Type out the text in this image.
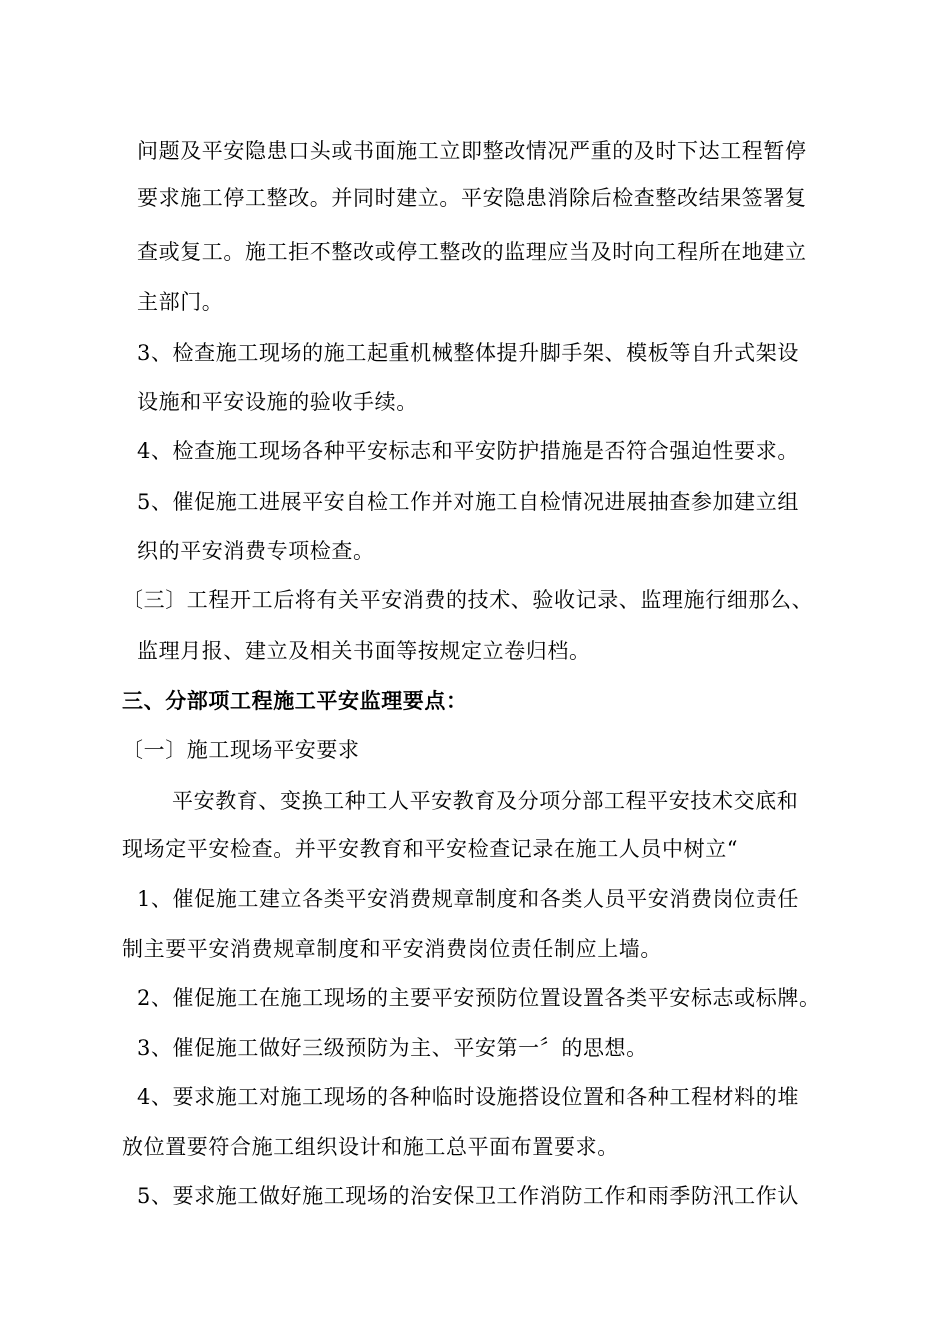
问题及平安隐患口头或书面施工立即整改情况严重的及时下达工程暂停
要求施工停工整改。并同时建立。平安隐患消除后检查整改结果签署复
查或复工。施工拒不整改或停工整改的监理应当及时向工程所在地建立
主部门。
3、检查施工现场的施工起重机械整体提升脚手架、模板等自升式架设
设施和平安设施的验收手续。
4、检查施工现场各种平安标志和平安防护措施是否符合强迫性要求。
5、催促施工进展平安自检工作并对施工自检情况进展抽查参加建立组
织的平安消费专项检查。
〔三〕工程开工后将有关平安消费的技术、验收记录、监理施行细那么、
监理月报、建立及相关书面等按规定立卷归档。
三、分部项工程施工平安监理要点：
〔一〕施工现场平安要求
平安教育、变换工种工人平安教育及分项分部工程平安技术交底和
现场定平安检查。并平安教育和平安检查记录在施工人员中树立“
1、催促施工建立各类平安消费规章制度和各类人员平安消费岗位责任
制主要平安消费规章制度和平安消费岗位责任制应上墙。
2、催促施工在施工现场的主要平安预防位置设置各类平安标志或标牌。
3、催促施工做好三级预防为主、平安第一〞的思想。
4、要求施工对施工现场的各种临时设施搭设位置和各种工程材料的堆
放位置要符合施工组织设计和施工总平面布置要求。
5、要求施工做好施工现场的治安保卫工作消防工作和雨季防汛工作认
